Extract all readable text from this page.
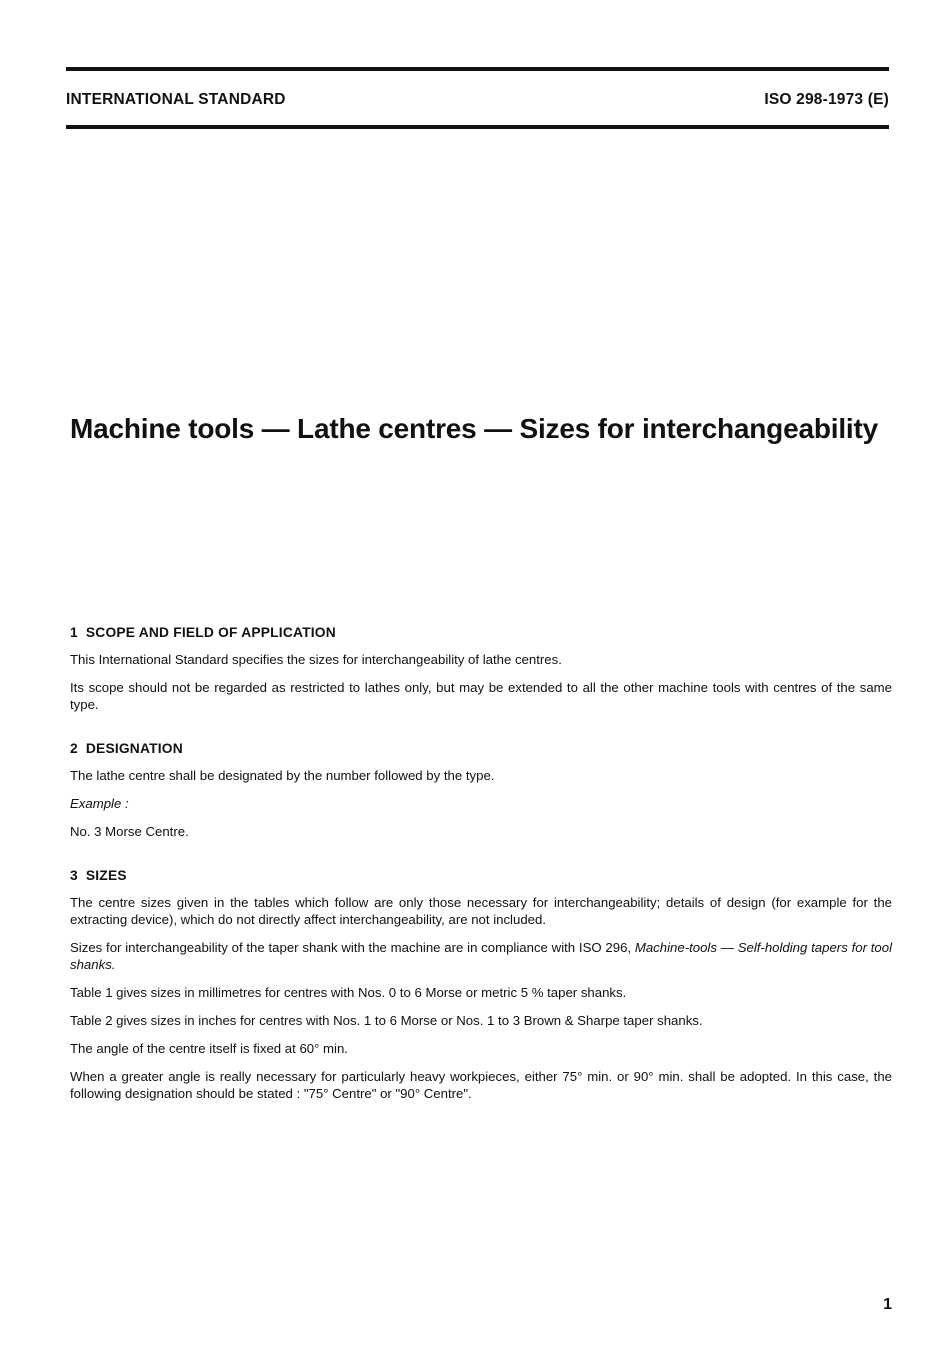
INTERNATIONAL STANDARD	ISO 298-1973 (E)
Machine tools — Lathe centres — Sizes for interchangeability
1 SCOPE AND FIELD OF APPLICATION

This International Standard specifies the sizes for interchangeability of lathe centres.

Its scope should not be regarded as restricted to lathes only, but may be extended to all the other machine tools with centres of the same type.

2 DESIGNATION

The lathe centre shall be designated by the number followed by the type.

Example :

No. 3 Morse Centre.

3 SIZES

The centre sizes given in the tables which follow are only those necessary for interchangeability; details of design (for example for the extracting device), which do not directly affect interchangeability, are not included.

Sizes for interchangeability of the taper shank with the machine are in compliance with ISO 296, Machine-tools — Self-holding tapers for tool shanks.

Table 1 gives sizes in millimetres for centres with Nos. 0 to 6 Morse or metric 5 % taper shanks.

Table 2 gives sizes in inches for centres with Nos. 1 to 6 Morse or Nos. 1 to 3 Brown & Sharpe taper shanks.

The angle of the centre itself is fixed at 60° min.

When a greater angle is really necessary for particularly heavy workpieces, either 75° min. or 90° min. shall be adopted. In this case, the following designation should be stated : "75° Centre" or "90° Centre".

1
